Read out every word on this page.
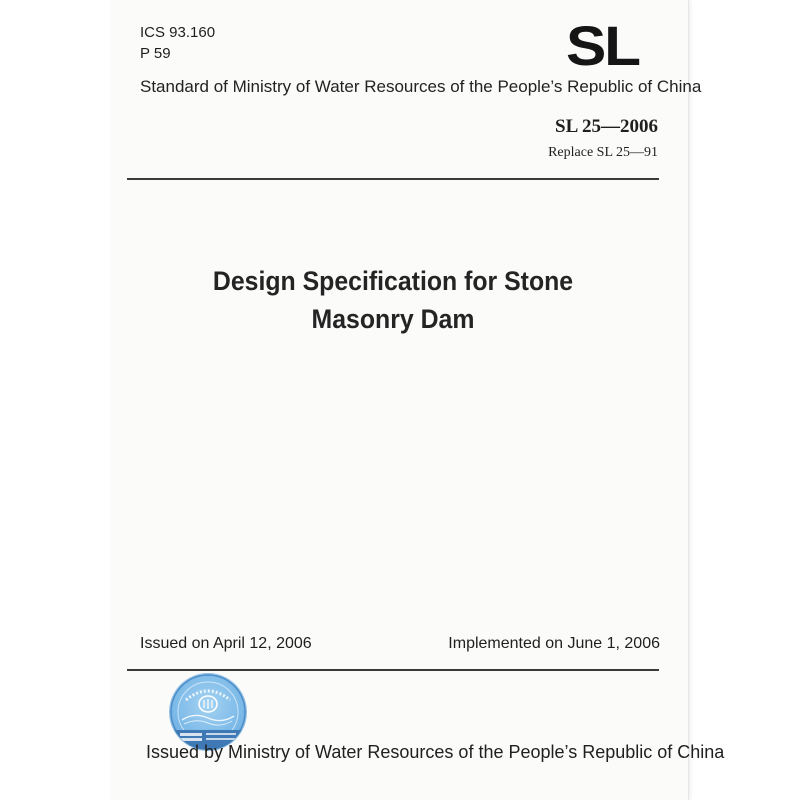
ICS 93.160
P 59	SL
Standard of Ministry of Water Resources of the People’s Republic of China
SL 25—2006
Replace SL 25—91
Design Specification for Stone
Masonry Dam
Issued on April 12, 2006	Implemented on June 1, 2006
Issued by Ministry of Water Resources of the People’s Republic of China
